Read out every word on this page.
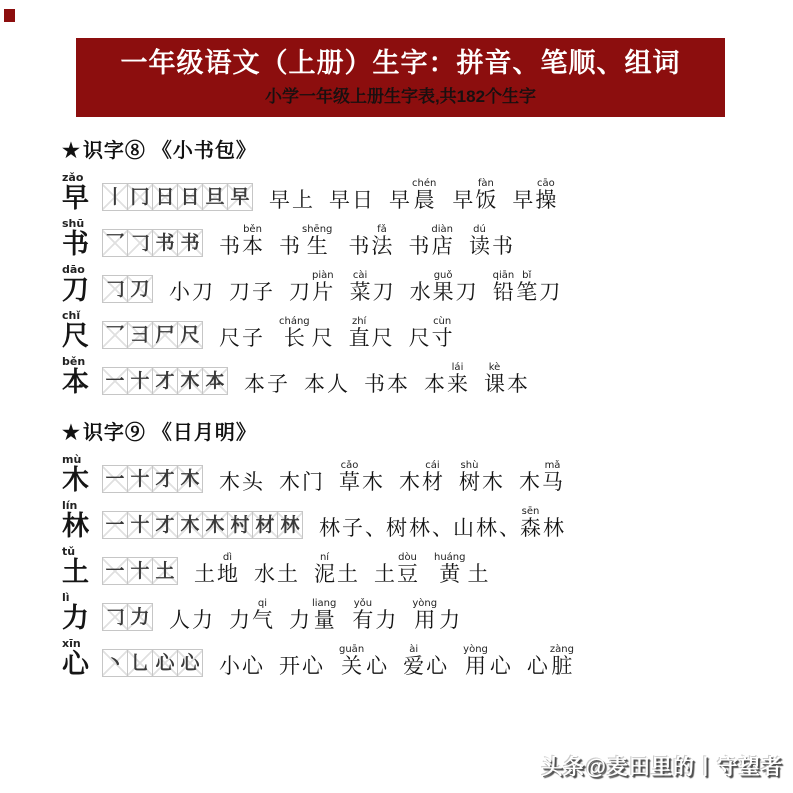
一年级语文（上册）生字：拼音、笔顺、组词
小学一年级上册生字表,共182个生字
★ 识字⑧ 《小书包》
zǎo
早 丨 冂 日 日 旦 早 早 上 早 日 早
chén
晨 早
fàn
饭 早
cāo
操
shū
书 乛 𠃌 书 书 书
běn
本 书
shēng
生 书
fǎ
法 书
diàn
店
dú
读 书
dāo
刀 𠃌 刀 小 刀 刀 子 刀
piàn
片
cài
菜 刀 水
guǒ
果 刀
qiān
铅
bǐ
笔 刀
chǐ
尺 乛 ⺕ 尸 尺 尺 子
cháng
长 尺
zhí
直 尺 尺
cùn
寸
běn
本 一 十 才 木 本 本 子 本 人 书 本 本
lái
来
kè
课 本
★ 识字⑨ 《日月明》
mù
木 一 十 才 木 木 头 木 门
cǎo
草 木 木
cái
材
shù
树 木 木
mǎ
马
lín
林 一 十 才 木 木 村 材 林 林 子 、 树 林 、 山 林 、
sēn
森 林
tǔ
土 一 十 土 土
dì
地 水 土
ní
泥 土 土
dòu
豆
huáng
黄 土
lì
力 𠃌 力 人 力 力
qi
气 力
liang
量
yǒu
有 力
yòng
用 力
xīn
心 丶 乚 心 心 小 心 开 心
guān
关 心
ài
爱 心
yòng
用 心 心
zàng
脏
头条@麦田里的丨守望者
